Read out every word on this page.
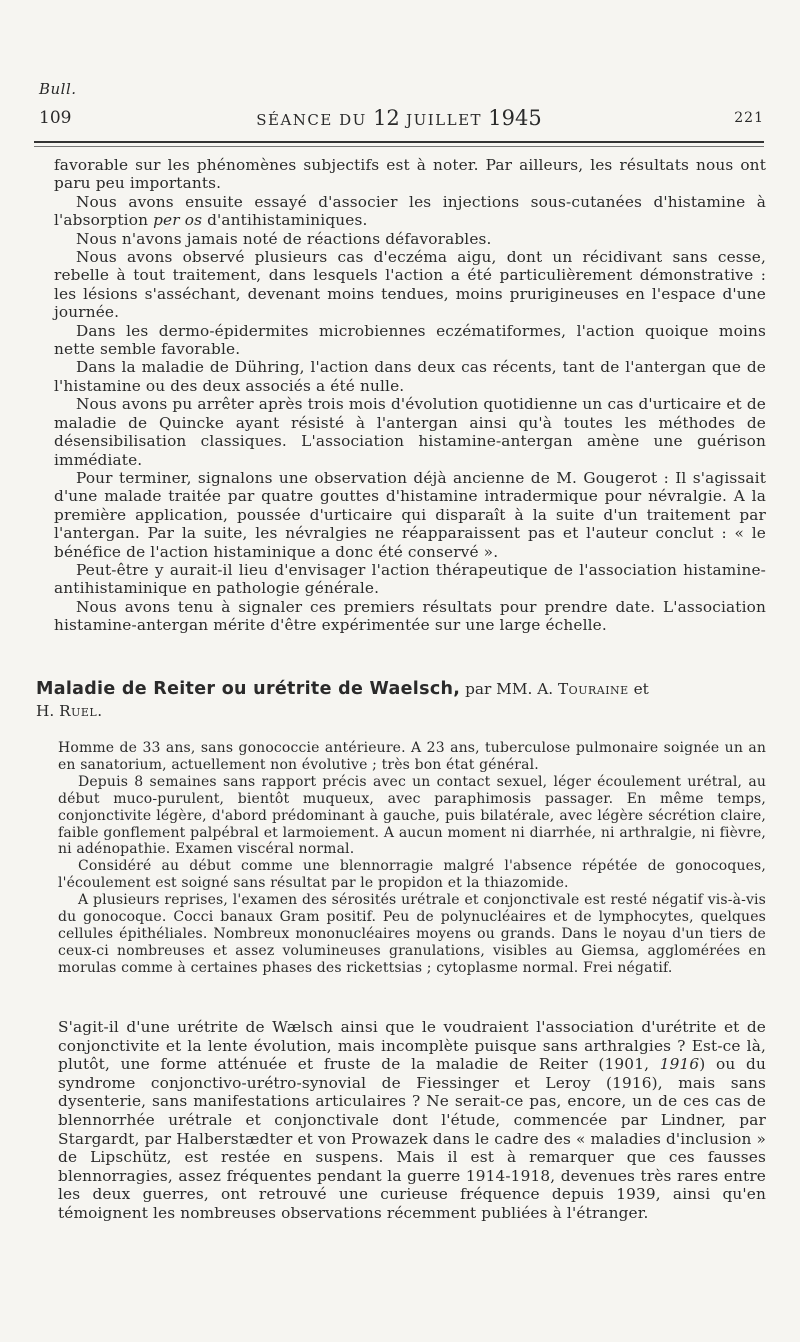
Bull.
109	SÉANCE DU 12 JUILLET 1945	221

favorable sur les phénomènes subjectifs est à noter. Par ailleurs, les résultats nous ont paru peu importants.

Nous avons ensuite essayé d'associer les injections sous-cutanées d'histamine à l'absorption per os d'antihistaminiques.

Nous n'avons jamais noté de réactions défavorables.

Nous avons observé plusieurs cas d'eczéma aigu, dont un récidivant sans cesse, rebelle à tout traitement, dans lesquels l'action a été particulièrement démonstrative : les lésions s'asséchant, devenant moins tendues, moins prurigineuses en l'espace d'une journée.

Dans les dermo-épidermites microbiennes eczématiformes, l'action quoique moins nette semble favorable.

Dans la maladie de Dühring, l'action dans deux cas récents, tant de l'antergan que de l'histamine ou des deux associés a été nulle.

Nous avons pu arrêter après trois mois d'évolution quotidienne un cas d'urticaire et de maladie de Quincke ayant résisté à l'antergan ainsi qu'à toutes les méthodes de désensibilisation classiques. L'association histamine-antergan amène une guérison immédiate.

Pour terminer, signalons une observation déjà ancienne de M. Gougerot : Il s'agissait d'une malade traitée par quatre gouttes d'histamine intradermique pour névralgie. A la première application, poussée d'urticaire qui disparaît à la suite d'un traitement par l'antergan. Par la suite, les névralgies ne réapparaissent pas et l'auteur conclut : « le bénéfice de l'action histaminique a donc été conservé ».

Peut-être y aurait-il lieu d'envisager l'action thérapeutique de l'association histamine-antihistaminique en pathologie générale.

Nous avons tenu à signaler ces premiers résultats pour prendre date. L'association histamine-antergan mérite d'être expérimentée sur une large échelle.

Maladie de Reiter ou urétrite de Waelsch, par MM. A. Touraine et
H. Ruel.

Homme de 33 ans, sans gonococcie antérieure. A 23 ans, tuberculose pulmonaire soignée un an en sanatorium, actuellement non évolutive ; très bon état général.

Depuis 8 semaines sans rapport précis avec un contact sexuel, léger écoulement urétral, au début muco-purulent, bientôt muqueux, avec paraphimosis passager. En même temps, conjonctivite légère, d'abord prédominant à gauche, puis bilatérale, avec légère sécrétion claire, faible gonflement palpébral et larmoiement. A aucun moment ni diarrhée, ni arthralgie, ni fièvre, ni adénopathie. Examen viscéral normal.

Considéré au début comme une blennorragie malgré l'absence répétée de gonocoques, l'écoulement est soigné sans résultat par le propidon et la thiazomide.

A plusieurs reprises, l'examen des sérosités urétrale et conjonctivale est resté négatif vis-à-vis du gonocoque. Cocci banaux Gram positif. Peu de polynucléaires et de lymphocytes, quelques cellules épithéliales. Nombreux mononucléaires moyens ou grands. Dans le noyau d'un tiers de ceux-ci nombreuses et assez volumineuses granulations, visibles au Giemsa, agglomérées en morulas comme à certaines phases des rickettsias ; cytoplasme normal. Frei négatif.

S'agit-il d'une urétrite de Wælsch ainsi que le voudraient l'association d'urétrite et de conjonctivite et la lente évolution, mais incomplète puisque sans arthralgies ? Est-ce là, plutôt, une forme atténuée et fruste de la maladie de Reiter (1901, 1916) ou du syndrome conjonctivo-urétro-synovial de Fiessinger et Leroy (1916), mais sans dysenterie, sans manifestations articulaires ? Ne serait-ce pas, encore, un de ces cas de blennorrhée urétrale et conjonctivale dont l'étude, commencée par Lindner, par Stargardt, par Halberstædter et von Prowazek dans le cadre des « maladies d'inclusion » de Lipschütz, est restée en suspens. Mais il est à remarquer que ces fausses blennorragies, assez fréquentes pendant la guerre 1914-1918, devenues très rares entre les deux guerres, ont retrouvé une curieuse fréquence depuis 1939, ainsi qu'en témoignent les nombreuses observations récemment publiées à l'étranger.
